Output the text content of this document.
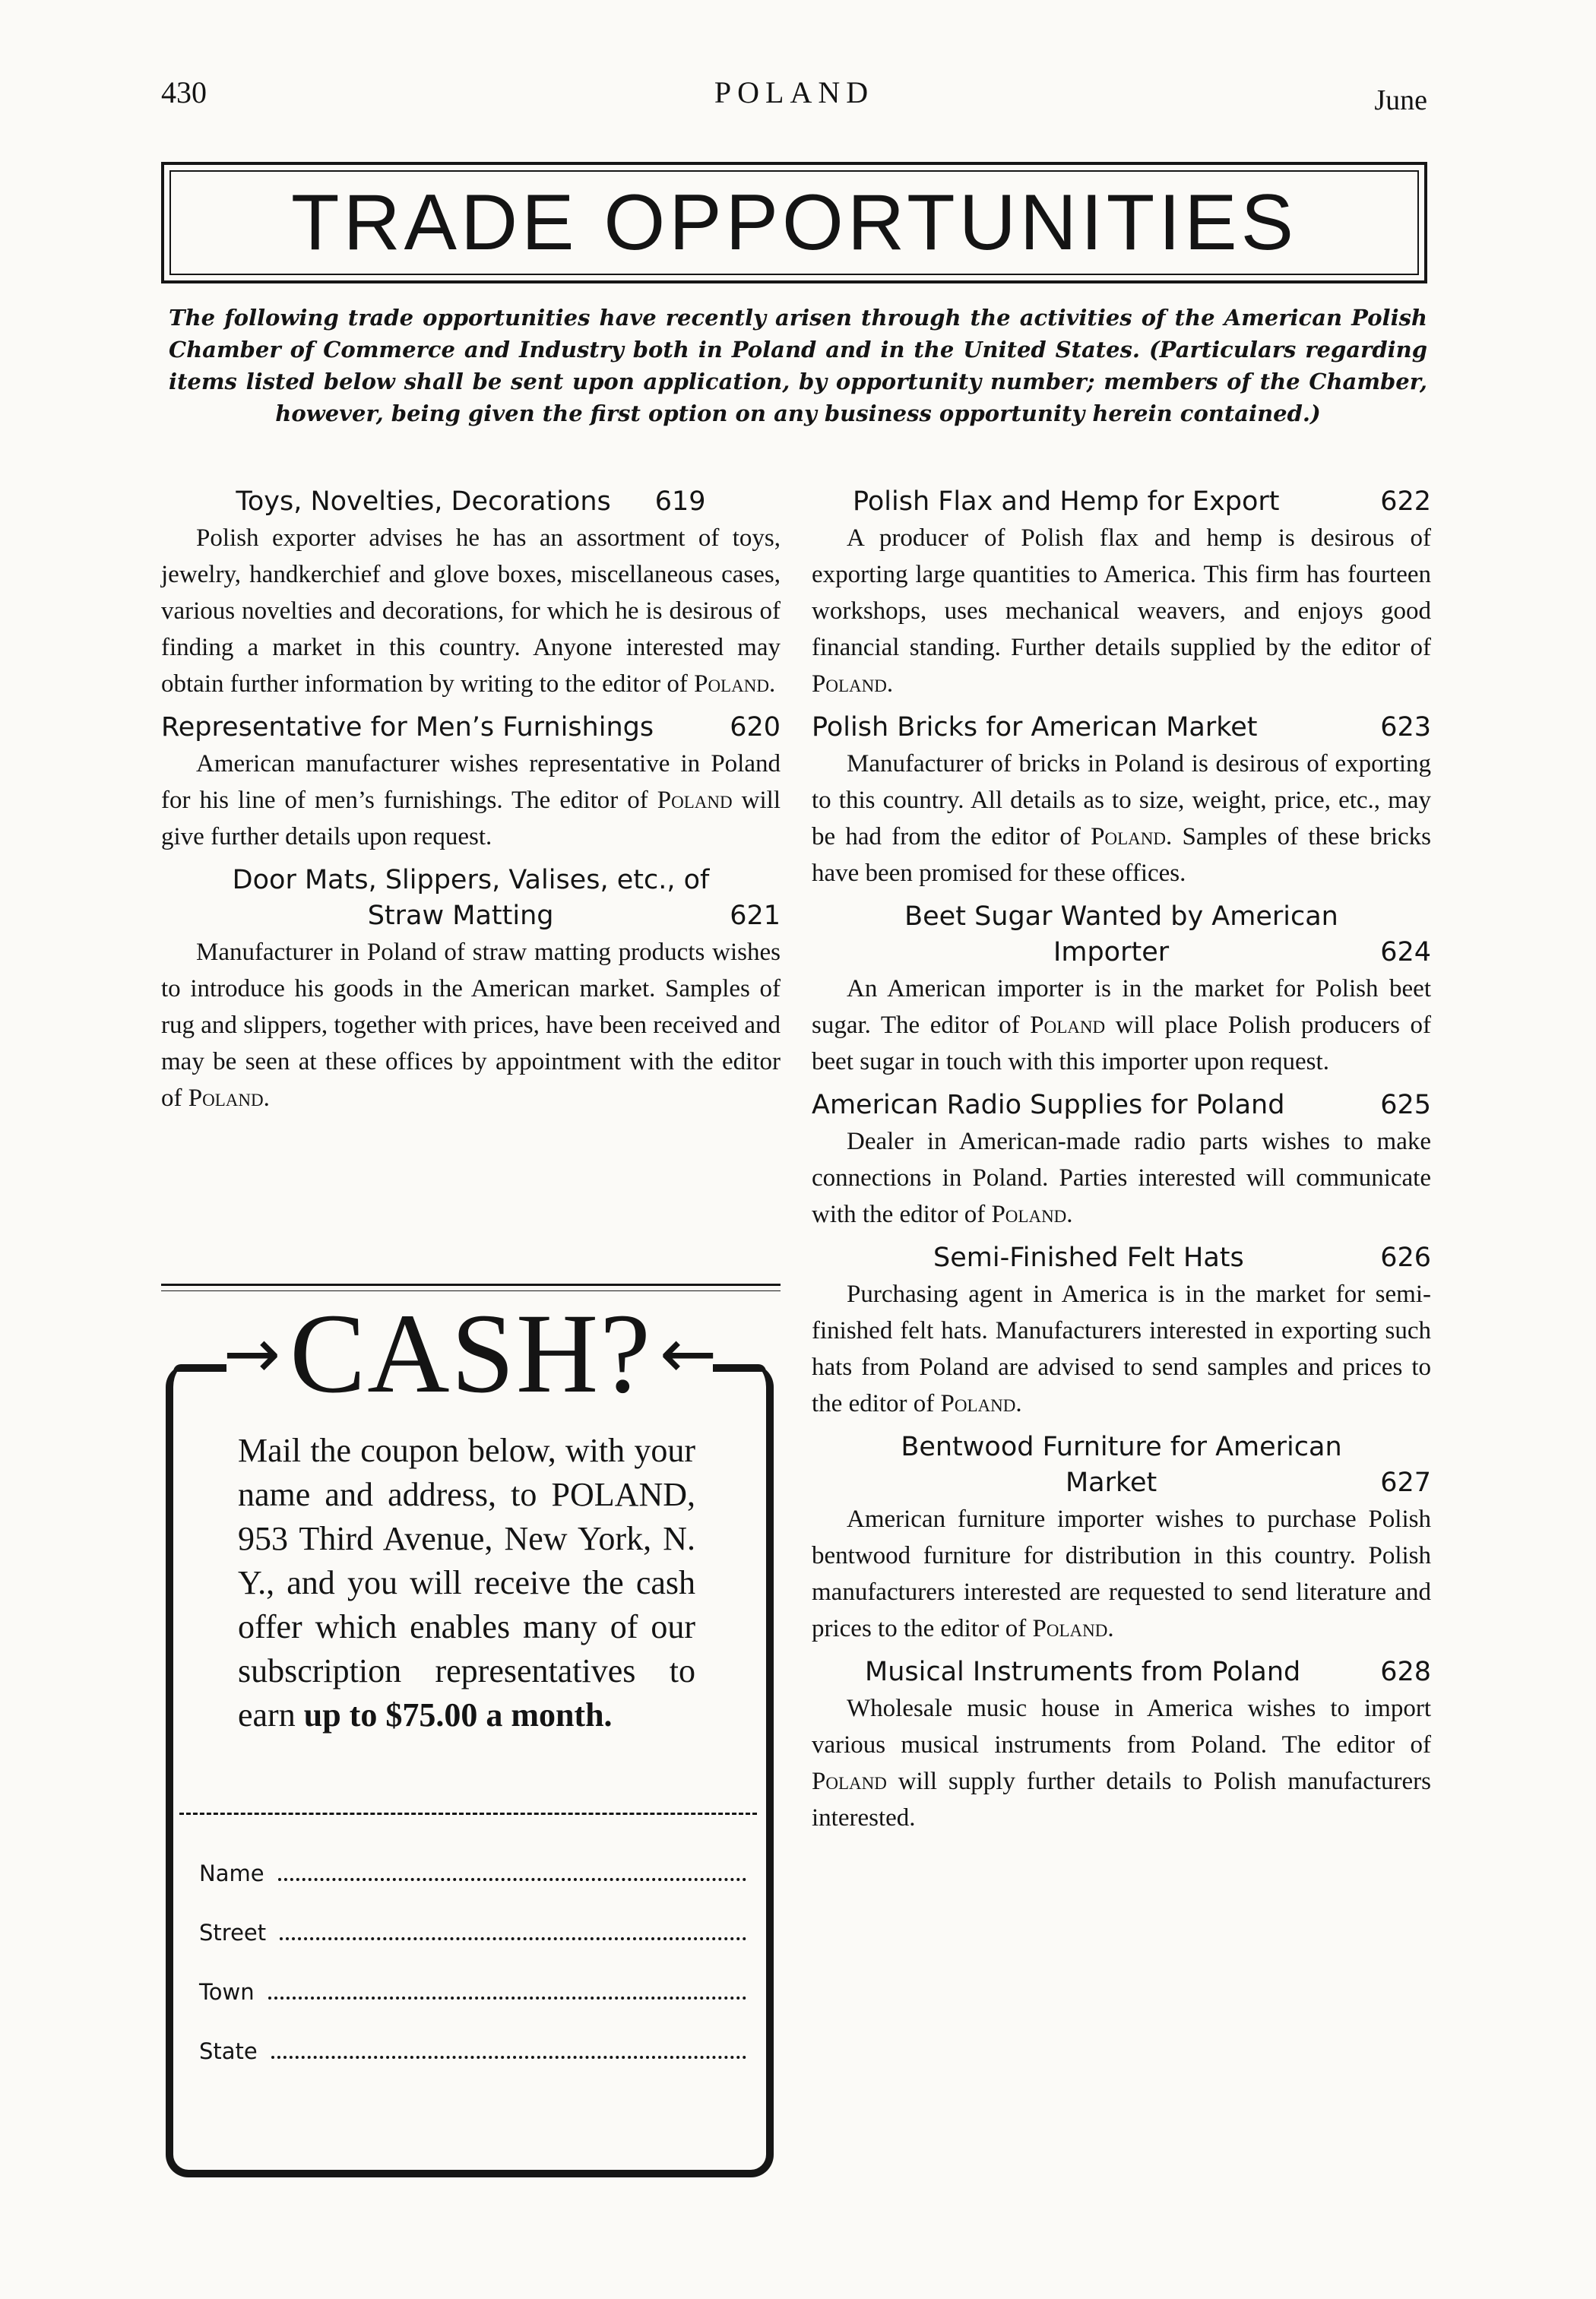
430	POLAND	June
TRADE OPPORTUNITIES
The following trade opportunities have recently arisen through the activities of the American Polish Chamber of Commerce and Industry both in Poland and in the United States. (Particulars regarding items listed below shall be sent upon application, by opportunity number; members of the Chamber, however, being given the first option on any business opportunity herein contained.)
Toys, Novelties, Decorations 619
Polish exporter advises he has an assortment of toys, jewelry, handkerchief and glove boxes, miscellaneous cases, various novelties and decorations, for which he is desirous of finding a market in this country. Anyone interested may obtain further information by writing to the editor of Poland.
Representative for Men’s Furnishings	620
American manufacturer wishes representative in Poland for his line of men’s furnishings. The editor of Poland will give further details upon request.
Door Mats, Slippers, Valises, etc., of
Straw Matting	621
Manufacturer in Poland of straw matting products wishes to introduce his goods in the American market. Samples of rug and slippers, together with prices, have been received and may be seen at these offices by appointment with the editor of Poland.
Polish Flax and Hemp for Export	622
A producer of Polish flax and hemp is desirous of exporting large quantities to America. This firm has fourteen workshops, uses mechanical weavers, and enjoys good financial standing. Further details supplied by the editor of Poland.
Polish Bricks for American Market	623
Manufacturer of bricks in Poland is desirous of exporting to this country. All details as to size, weight, price, etc., may be had from the editor of Poland. Samples of these bricks have been promised for these offices.
Beet Sugar Wanted by American
Importer	624
An American importer is in the market for Polish beet sugar. The editor of Poland will place Polish producers of beet sugar in touch with this importer upon request.
American Radio Supplies for Poland	625
Dealer in American-made radio parts wishes to make connections in Poland. Parties interested will communicate with the editor of Poland.
Semi-Finished Felt Hats	626
Purchasing agent in America is in the market for semi-finished felt hats. Manufacturers interested in exporting such hats from Poland are advised to send samples and prices to the editor of Poland.
Bentwood Furniture for American
Market	627
American furniture importer wishes to purchase Polish bentwood furniture for distribution in this country. Polish manufacturers interested are requested to send literature and prices to the editor of Poland.
Musical Instruments from Poland	628
Wholesale music house in America wishes to import various musical instruments from Poland. The editor of Poland will supply further details to Polish manufacturers interested.
→ CASH? ←
Mail the coupon below, with your name and address, to POLAND, 953 Third Avenue, New York, N. Y., and you will receive the cash offer which enables many of our subscription representatives to earn up to $75.00 a month.
Name
Street
Town
State
